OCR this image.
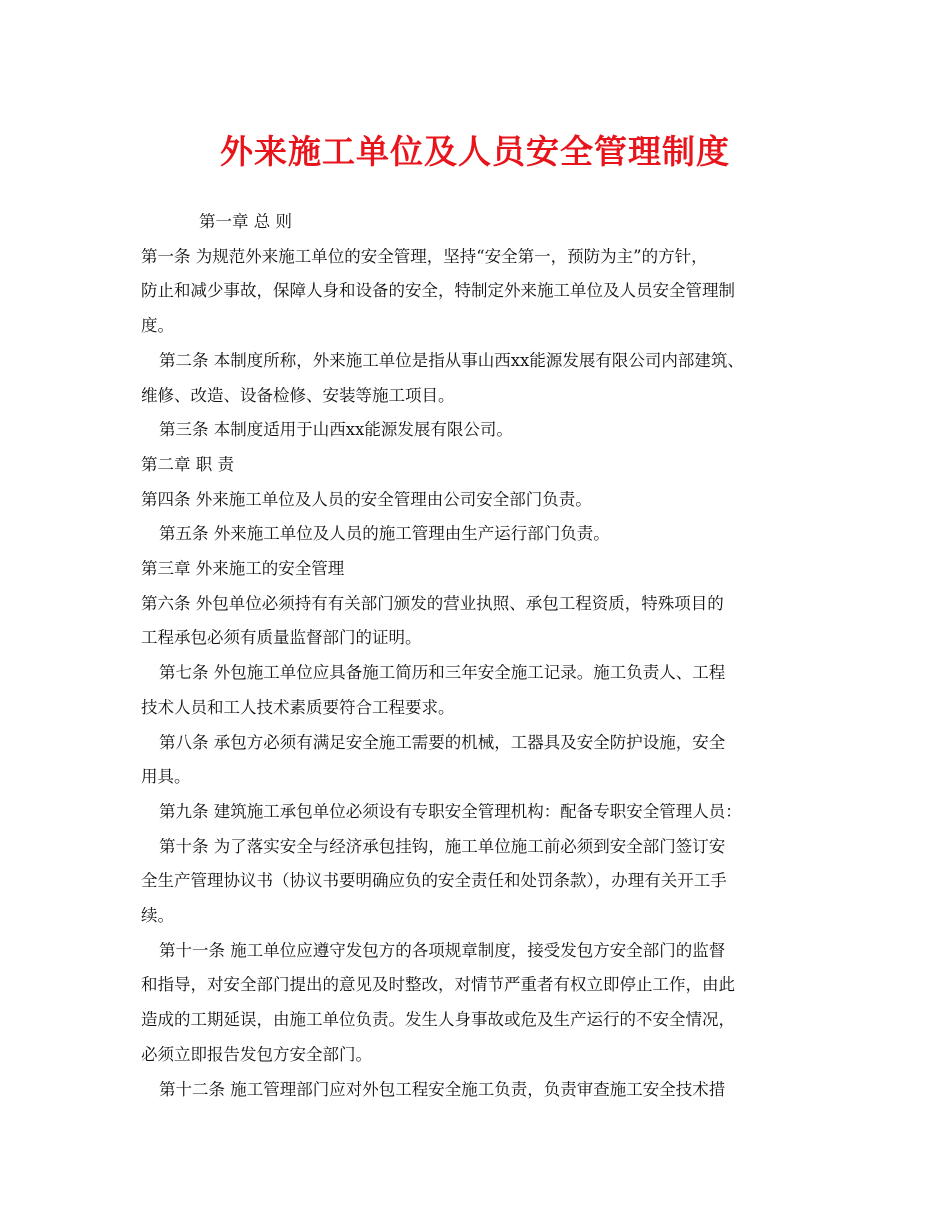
外来施工单位及人员安全管理制度

第一章 总 则

第一条 为规范外来施工单位的安全管理，坚持“安全第一，预防为主”的方针，

防止和减少事故，保障人身和设备的安全，特制定外来施工单位及人员安全管理制

度。

第二条 本制度所称，外来施工单位是指从事山西xx能源发展有限公司内部建筑、

维修、改造、设备检修、安装等施工项目。

第三条 本制度适用于山西xx能源发展有限公司。

第二章 职 责

第四条 外来施工单位及人员的安全管理由公司安全部门负责。

第五条 外来施工单位及人员的施工管理由生产运行部门负责。

第三章 外来施工的安全管理

第六条 外包单位必须持有有关部门颁发的营业执照、承包工程资质，特殊项目的

工程承包必须有质量监督部门的证明。

第七条 外包施工单位应具备施工简历和三年安全施工记录。施工负责人、工程

技术人员和工人技术素质要符合工程要求。

第八条 承包方必须有满足安全施工需要的机械，工器具及安全防护设施，安全

用具。

第九条 建筑施工承包单位必须设有专职安全管理机构：配备专职安全管理人员：

第十条 为了落实安全与经济承包挂钩，施工单位施工前必须到安全部门签订安

全生产管理协议书（协议书要明确应负的安全责任和处罚条款），办理有关开工手

续。

第十一条 施工单位应遵守发包方的各项规章制度，接受发包方安全部门的监督

和指导，对安全部门提出的意见及时整改，对情节严重者有权立即停止工作，由此

造成的工期延误，由施工单位负责。发生人身事故或危及生产运行的不安全情况，

必须立即报告发包方安全部门。

第十二条 施工管理部门应对外包工程安全施工负责，负责审查施工安全技术措
